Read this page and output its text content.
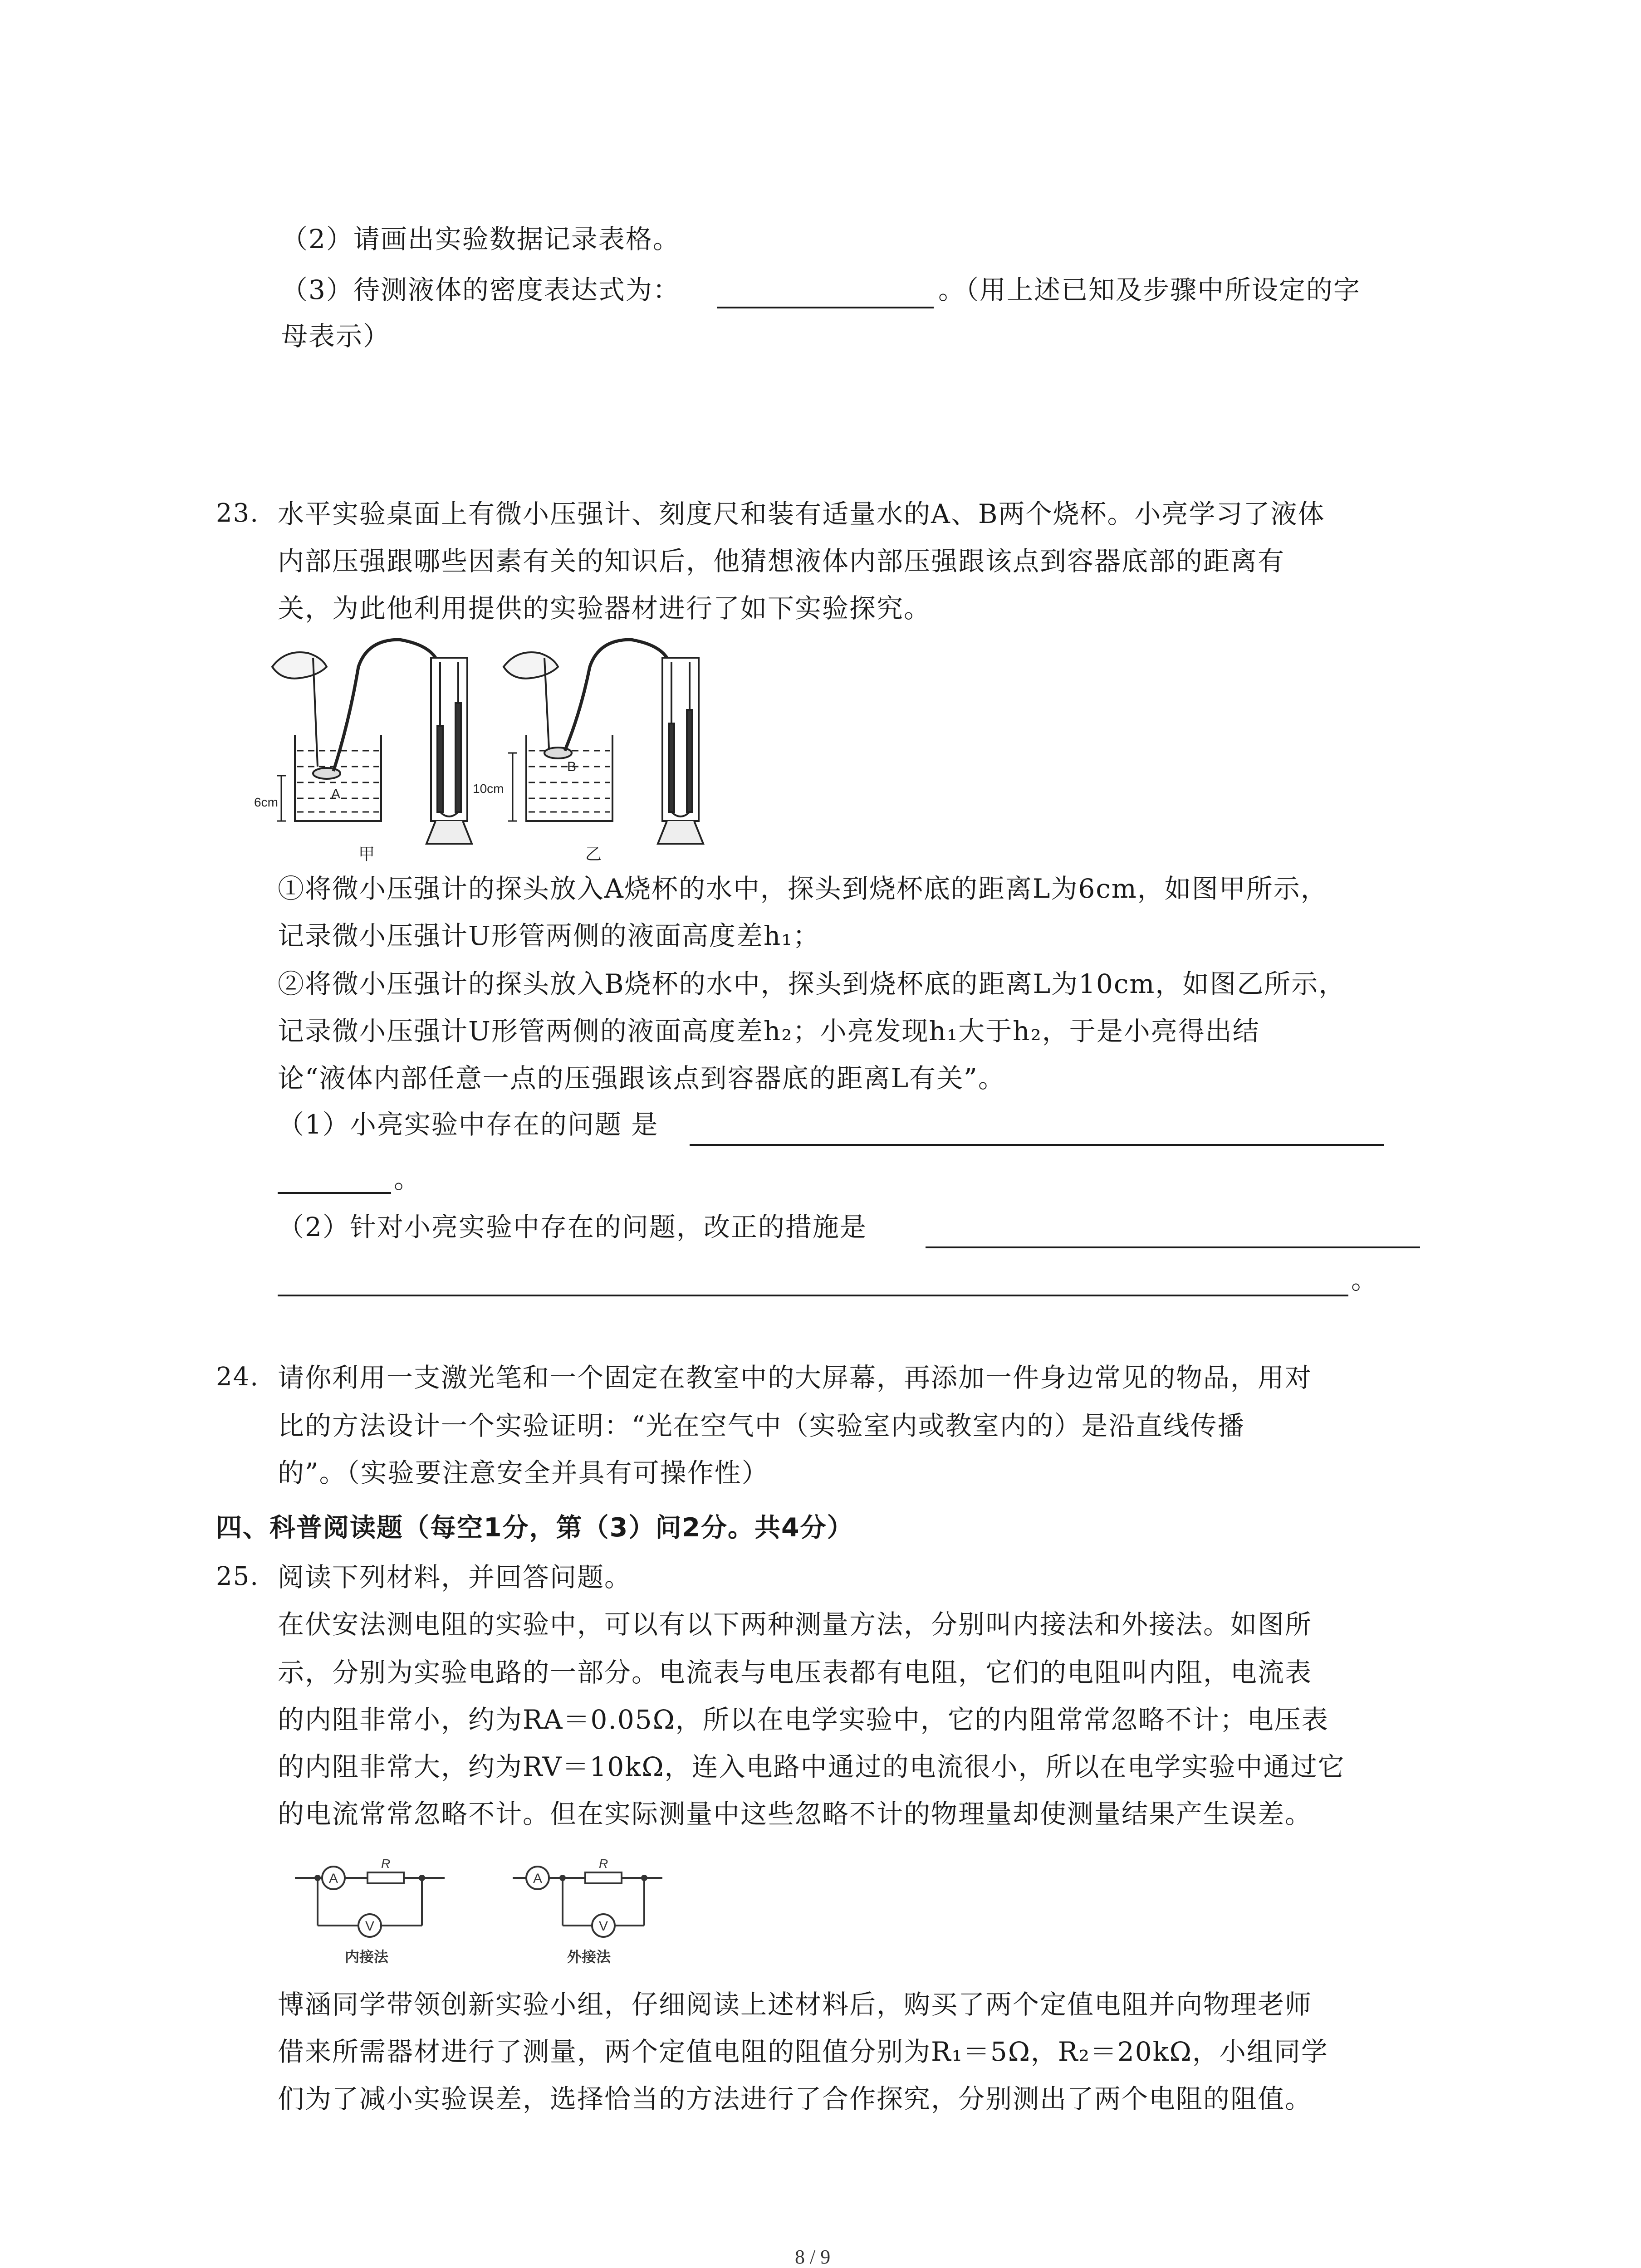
（2）请画出实验数据记录表格。
（3）待测液体的密度表达式为：	。（用上述已知及步骤中所设定的字
母表示）
23. 水平实验桌面上有微小压强计、刻度尺和装有适量水的A、B两个烧杯。小亮学习了液体
内部压强跟哪些因素有关的知识后，他猜想液体内部压强跟该点到容器底部的距离有
关，为此他利用提供的实验器材进行了如下实验探究。
6cm
A
甲
10cm
B
乙
①将微小压强计的探头放入A烧杯的水中，探头到烧杯底的距离L为6cm，如图甲所示，
记录微小压强计U形管两侧的液面高度差h₁；
②将微小压强计的探头放入B烧杯的水中，探头到烧杯底的距离L为10cm，如图乙所示，
记录微小压强计U形管两侧的液面高度差h₂；小亮发现h₁大于h₂，于是小亮得出结
论“液体内部任意一点的压强跟该点到容器底的距离L有关”。
（1）小亮实验中存在的问题 是
。
（2）针对小亮实验中存在的问题，改正的措施是
。
24. 请你利用一支激光笔和一个固定在教室中的大屏幕，再添加一件身边常见的物品，用对
比的方法设计一个实验证明：“光在空气中（实验室内或教室内的）是沿直线传播
的”。（实验要注意安全并具有可操作性）
四、科普阅读题（每空1分，第（3）问2分。共4分）
25. 阅读下列材料，并回答问题。
在伏安法测电阻的实验中，可以有以下两种测量方法，分别叫内接法和外接法。如图所
示，分别为实验电路的一部分。电流表与电压表都有电阻，它们的电阻叫内阻，电流表
的内阻非常小，约为RA＝0.05Ω，所以在电学实验中，它的内阻常常忽略不计；电压表
的内阻非常大，约为RV＝10kΩ，连入电路中通过的电流很小，所以在电学实验中通过它
的电流常常忽略不计。但在实际测量中这些忽略不计的物理量却使测量结果产生误差。
A
R
V
内接法
A
R
V
外接法
博涵同学带领创新实验小组，仔细阅读上述材料后，购买了两个定值电阻并向物理老师
借来所需器材进行了测量，两个定值电阻的阻值分别为R₁＝5Ω，R₂＝20kΩ，小组同学
们为了减小实验误差，选择恰当的方法进行了合作探究，分别测出了两个电阻的阻值。
8 / 9
